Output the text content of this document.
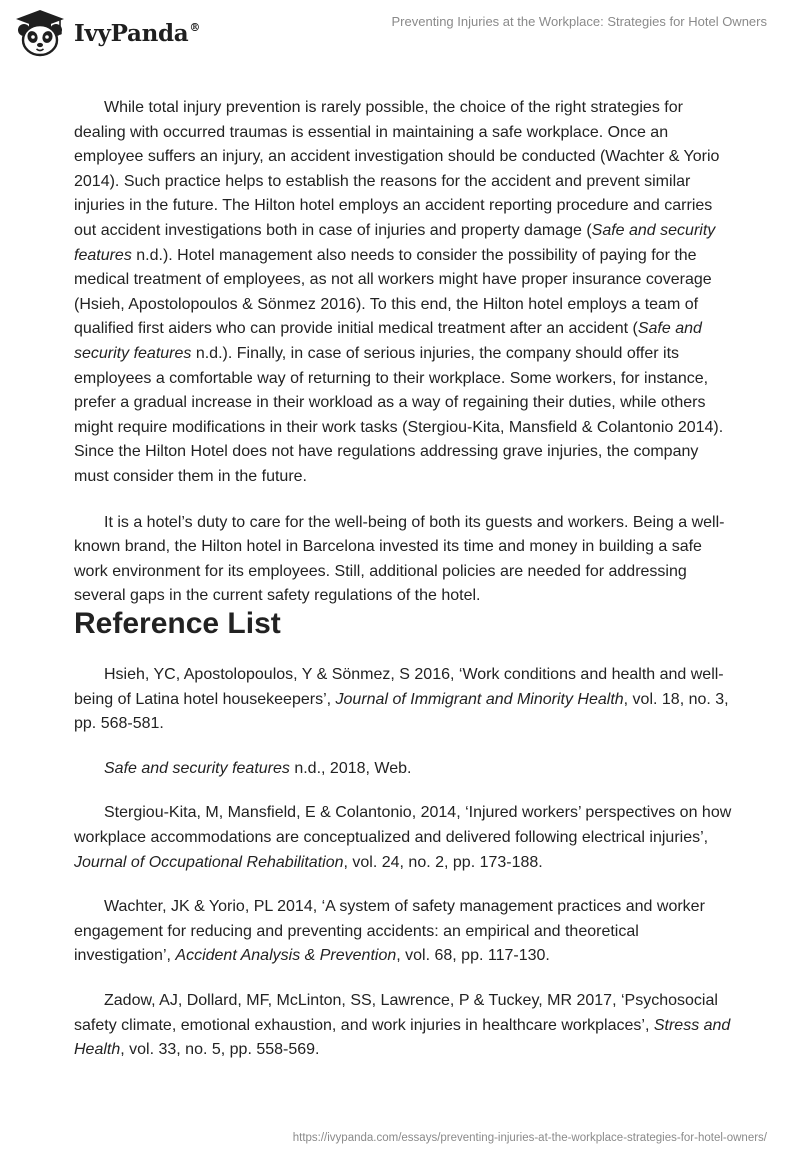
IvyPanda®	Preventing Injuries at the Workplace: Strategies for Hotel Owners

While total injury prevention is rarely possible, the choice of the right strategies for dealing with occurred traumas is essential in maintaining a safe workplace. Once an employee suffers an injury, an accident investigation should be conducted (Wachter & Yorio 2014). Such practice helps to establish the reasons for the accident and prevent similar injuries in the future. The Hilton hotel employs an accident reporting procedure and carries out accident investigations both in case of injuries and property damage (Safe and security features n.d.). Hotel management also needs to consider the possibility of paying for the medical treatment of employees, as not all workers might have proper insurance coverage (Hsieh, Apostolopoulos & Sönmez 2016). To this end, the Hilton hotel employs a team of qualified first aiders who can provide initial medical treatment after an accident (Safe and security features n.d.). Finally, in case of serious injuries, the company should offer its employees a comfortable way of returning to their workplace. Some workers, for instance, prefer a gradual increase in their workload as a way of regaining their duties, while others might require modifications in their work tasks (Stergiou-Kita, Mansfield & Colantonio 2014). Since the Hilton Hotel does not have regulations addressing grave injuries, the company must consider them in the future.

It is a hotel’s duty to care for the well-being of both its guests and workers. Being a well-known brand, the Hilton hotel in Barcelona invested its time and money in building a safe work environment for its employees. Still, additional policies are needed for addressing several gaps in the current safety regulations of the hotel.

Reference List

Hsieh, YC, Apostolopoulos, Y & Sönmez, S 2016, ‘Work conditions and health and well-being of Latina hotel housekeepers’, Journal of Immigrant and Minority Health, vol. 18, no. 3, pp. 568-581.

Safe and security features n.d., 2018, Web.

Stergiou-Kita, M, Mansfield, E & Colantonio, 2014, ‘Injured workers’ perspectives on how workplace accommodations are conceptualized and delivered following electrical injuries’, Journal of Occupational Rehabilitation, vol. 24, no. 2, pp. 173-188.

Wachter, JK & Yorio, PL 2014, ‘A system of safety management practices and worker engagement for reducing and preventing accidents: an empirical and theoretical investigation’, Accident Analysis & Prevention, vol. 68, pp. 117-130.

Zadow, AJ, Dollard, MF, McLinton, SS, Lawrence, P & Tuckey, MR 2017, ‘Psychosocial safety climate, emotional exhaustion, and work injuries in healthcare workplaces’, Stress and Health, vol. 33, no. 5, pp. 558-569.

https://ivypanda.com/essays/preventing-injuries-at-the-workplace-strategies-for-hotel-owners/
